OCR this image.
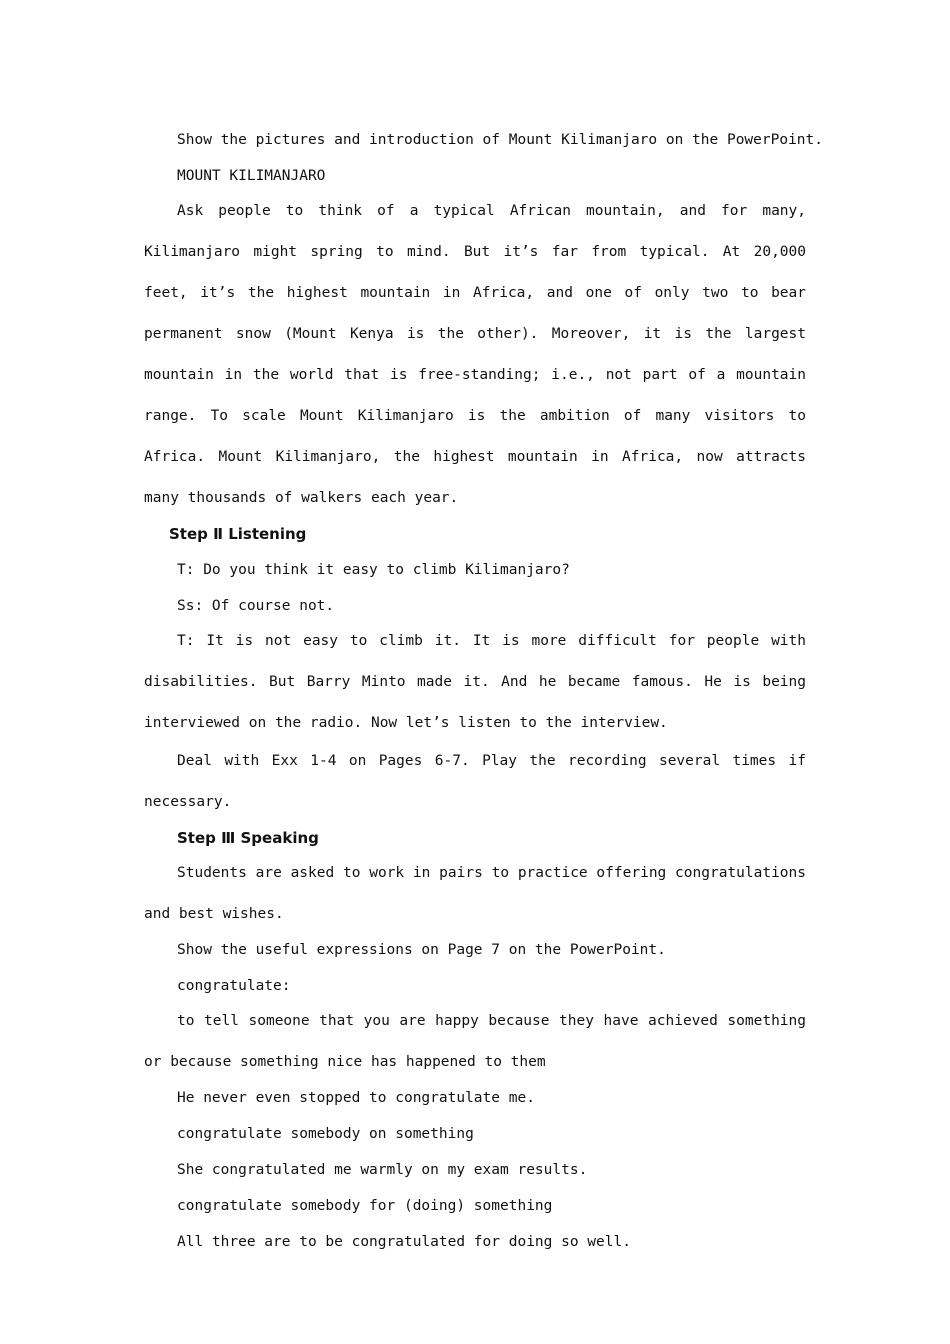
Show the pictures and introduction of Mount Kilimanjaro on the PowerPoint.
MOUNT KILIMANJARO
Ask people to think of a typical African mountain, and for many, Kilimanjaro might spring to mind. But it’s far from typical. At 20,000 feet, it’s the highest mountain in Africa, and one of only two to bear permanent snow (Mount Kenya is the other). Moreover, it is the largest mountain in the world that is free-standing; i.e., not part of a mountain range. To scale Mount Kilimanjaro is the ambition of many visitors to Africa. Mount Kilimanjaro, the highest mountain in Africa, now attracts many thousands of walkers each year.
Step Ⅱ Listening
T: Do you think it easy to climb Kilimanjaro?
Ss: Of course not.
T: It is not easy to climb it. It is more difficult for people with disabilities. But Barry Minto made it. And he became famous. He is being interviewed on the radio. Now let’s listen to the interview.
Deal with Exx 1-4 on Pages 6-7. Play the recording several times if necessary.
Step Ⅲ Speaking
Students are asked to work in pairs to practice offering congratulations and best wishes.
Show the useful expressions on Page 7 on the PowerPoint.
congratulate:
to tell someone that you are happy because they have achieved something or because something nice has happened to them
He never even stopped to congratulate me.
congratulate somebody on something
She congratulated me warmly on my exam results.
congratulate somebody for (doing) something
All three are to be congratulated for doing so well.
